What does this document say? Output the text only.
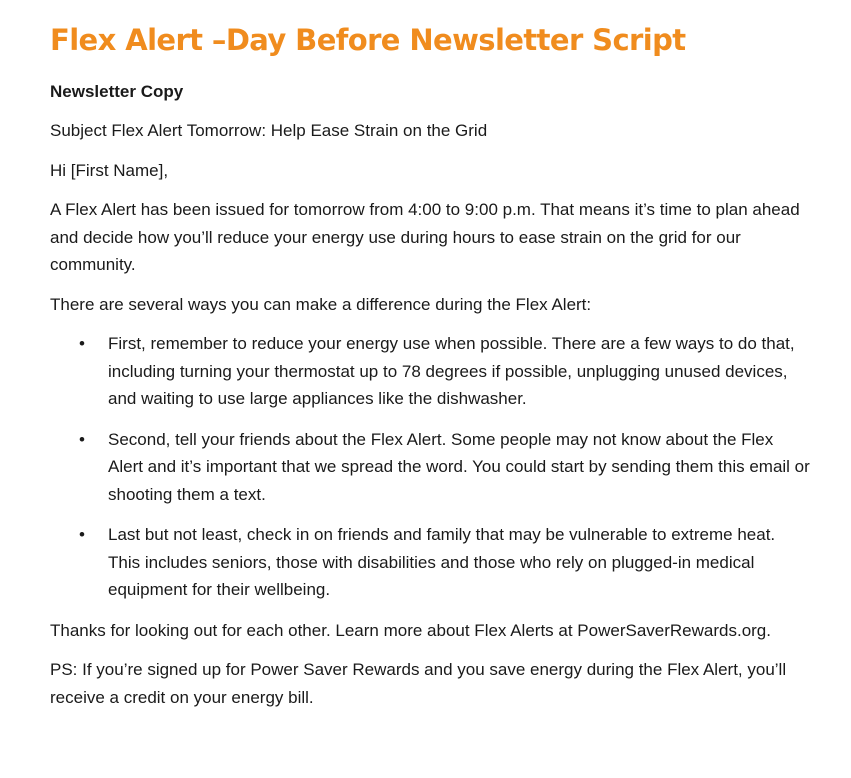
Flex Alert –Day Before Newsletter Script
Newsletter Copy

Subject Flex Alert Tomorrow: Help Ease Strain on the Grid

Hi [First Name],

A Flex Alert has been issued for tomorrow from 4:00 to 9:00 p.m. That means it’s time to plan ahead and decide how you’ll reduce your energy use during hours to ease strain on the grid for our community.

There are several ways you can make a difference during the Flex Alert:

• First, remember to reduce your energy use when possible. There are a few ways to do that, including turning your thermostat up to 78 degrees if possible, unplugging unused devices, and waiting to use large appliances like the dishwasher.
• Second, tell your friends about the Flex Alert. Some people may not know about the Flex Alert and it’s important that we spread the word. You could start by sending them this email or shooting them a text.
• Last but not least, check in on friends and family that may be vulnerable to extreme heat. This includes seniors, those with disabilities and those who rely on plugged-in medical equipment for their wellbeing.

Thanks for looking out for each other. Learn more about Flex Alerts at PowerSaverRewards.org.

PS: If you’re signed up for Power Saver Rewards and you save energy during the Flex Alert, you’ll receive a credit on your energy bill.
